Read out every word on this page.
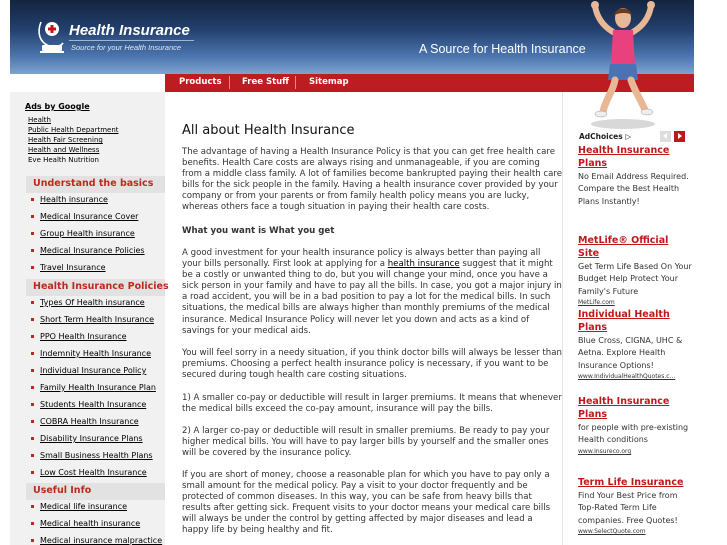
Health Insurance
Source for your Health Insurance	A Source for Health Insurance
Products Free Stuff Sitemap
Ads by Google
Health
Public Health Department
Health Fair Screening
Health and Wellness
Eve Health Nutrition
Understand the basics
Health insurance
Medical Insurance Cover
Group Health insurance
Medical Insurance Policies
Travel Insurance
Health Insurance Policies
Types Of Health insurance
Short Term Health Insurance
PPO Health Insurance
Indemnity Health Insurance
Individual Insurance Policy
Family Health Insurance Plan
Students Health Insurance
COBRA Health Insurance
Disability Insurance Plans
Small Business Health Plans
Low Cost Health Insurance
Useful Info
Medical life insurance
Medical health insurance
Medical insurance malpractice
All about Health Insurance

The advantage of having a Health Insurance Policy is that you can get free health care benefits. Health Care costs are always rising and unmanageable, if you are coming from a middle class family. A lot of families become bankrupted paying their health care bills for the sick people in the family. Having a health insurance cover provided by your company or from your parents or from family health policy means you are lucky, whereas others face a tough situation in paying their health care costs.

What you want is What you get

A good investment for your health insurance policy is always better than paying all your bills personally. First look at applying for a health insurance suggest that it might be a costly or unwanted thing to do, but you will change your mind, once you have a sick person in your family and have to pay all the bills. In case, you got a major injury in a road accident, you will be in a bad position to pay a lot for the medical bills. In such situations, the medical bills are always higher than monthly premiums of the medical insurance. Medical Insurance Policy will never let you down and acts as a kind of savings for your medical aids.

You will feel sorry in a needy situation, if you think doctor bills will always be lesser than premiums. Choosing a perfect health insurance policy is necessary, if you want to be secured during tough health care costing situations.

1) A smaller co-pay or deductible will result in larger premiums. It means that whenever the medical bills exceed the co-pay amount, insurance will pay the bills.

2) A larger co-pay or deductible will result in smaller premiums. Be ready to pay your higher medical bills. You will have to pay larger bills by yourself and the smaller ones will be covered by the insurance policy.

If you are short of money, choose a reasonable plan for which you have to pay only a small amount for the medical policy. Pay a visit to your doctor frequently and be protected of common diseases. In this way, you can be safe from heavy bills that results after getting sick. Frequent visits to your doctor means your medical care bills will always be under the control by getting affected by major diseases and lead a happy life by being healthy and fit.

AdChoices ▷
Health Insurance Plans
No Email Address Required. Compare the Best Health Plans Instantly!
MetLife® Official Site
Get Term Life Based On Your Budget Help Protect Your Family's Future
MetLife.com
Individual Health Plans
Blue Cross, CIGNA, UHC & Aetna. Explore Health Insurance Options!
www.IndividualHealthQuotes.c...
Health Insurance Plans
for people with pre-existing Health conditions
www.Insureco.org
Term Life Insurance
Find Your Best Price from Top-Rated Term Life companies. Free Quotes!
www.SelectQuote.com
